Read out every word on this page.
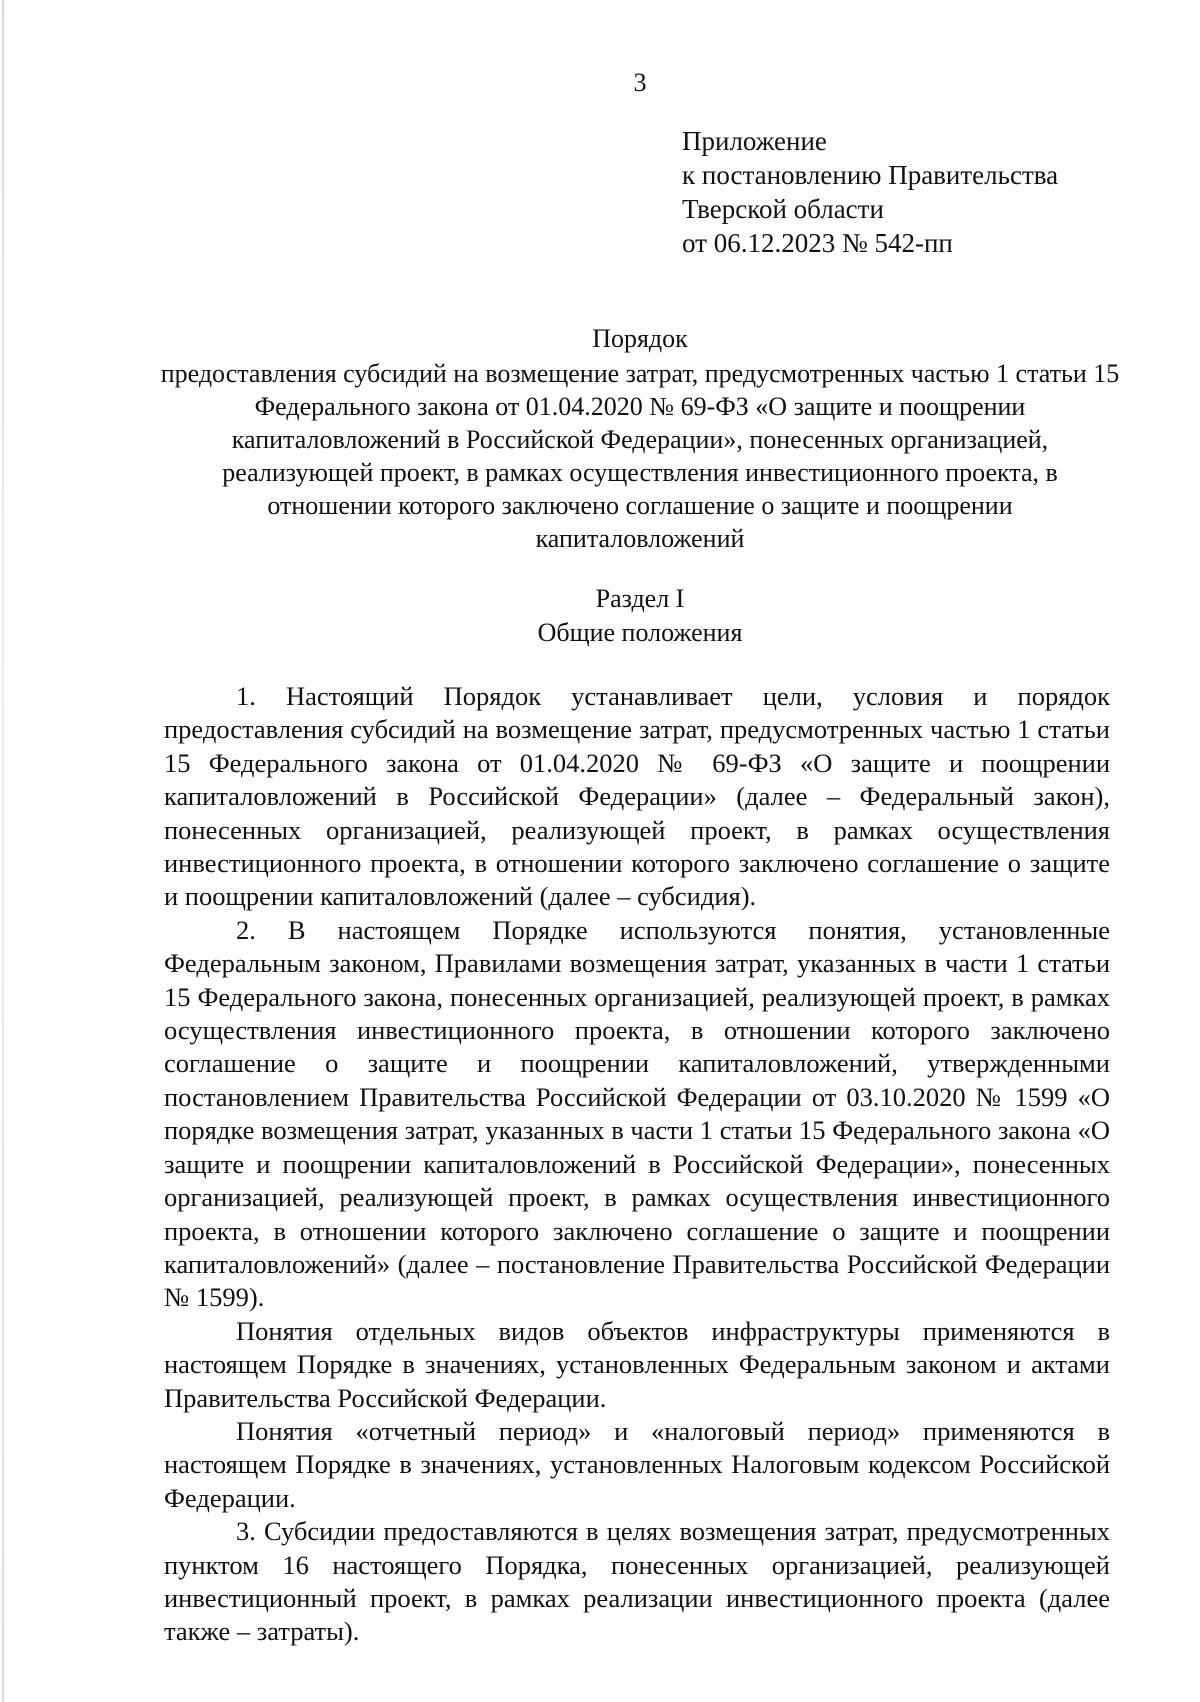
3
Приложение
к постановлению Правительства
Тверской области
от 06.12.2023 № 542-пп
Порядок
предоставления субсидий на возмещение затрат, предусмотренных частью 1 статьи 15 Федерального закона от 01.04.2020 № 69-ФЗ «О защите и поощрении капиталовложений в Российской Федерации», понесенных организацией, реализующей проект, в рамках осуществления инвестиционного проекта, в отношении которого заключено соглашение о защите и поощрении капиталовложений
Раздел I
Общие положения

1. Настоящий Порядок устанавливает цели, условия и порядок предоставления субсидий на возмещение затрат, предусмотренных частью 1 статьи 15 Федерального закона от 01.04.2020 № 69-ФЗ «О защите и поощрении капиталовложений в Российской Федерации» (далее – Федеральный закон), понесенных организацией, реализующей проект, в рамках осуществления инвестиционного проекта, в отношении которого заключено соглашение о защите и поощрении капиталовложений (далее – субсидия).

2. В настоящем Порядке используются понятия, установленные Федеральным законом, Правилами возмещения затрат, указанных в части 1 статьи 15 Федерального закона, понесенных организацией, реализующей проект, в рамках осуществления инвестиционного проекта, в отношении которого заключено соглашение о защите и поощрении капиталовложений, утвержденными постановлением Правительства Российской Федерации от 03.10.2020 № 1599 «О порядке возмещения затрат, указанных в части 1 статьи 15 Федерального закона «О защите и поощрении капиталовложений в Российской Федерации», понесенных организацией, реализующей проект, в рамках осуществления инвестиционного проекта, в отношении которого заключено соглашение о защите и поощрении капиталовложений» (далее – постановление Правительства Российской Федерации № 1599).

Понятия отдельных видов объектов инфраструктуры применяются в настоящем Порядке в значениях, установленных Федеральным законом и актами Правительства Российской Федерации.

Понятия «отчетный период» и «налоговый период» применяются в настоящем Порядке в значениях, установленных Налоговым кодексом Российской Федерации.

3. Субсидии предоставляются в целях возмещения затрат, предусмотренных пунктом 16 настоящего Порядка, понесенных организацией, реализующей инвестиционный проект, в рамках реализации инвестиционного проекта (далее также – затраты).
